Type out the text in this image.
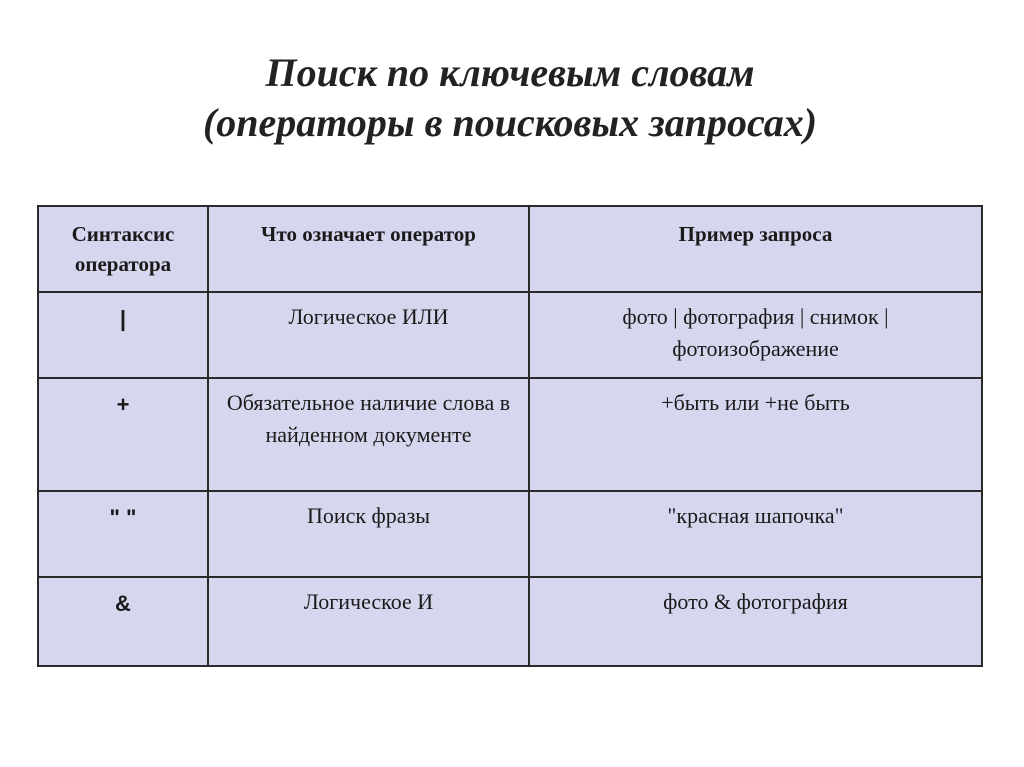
Поиск по ключевым словам
(операторы в поисковых запросах)
Синтаксис оператора	Что означает оператор	Пример запроса
|	Логическое ИЛИ	фото | фотография | снимок | фотоизображение
+	Обязательное наличие слова в найденном документе	+быть или +не быть
" "	Поиск фразы	"красная шапочка"
&	Логическое И	фото & фотография
